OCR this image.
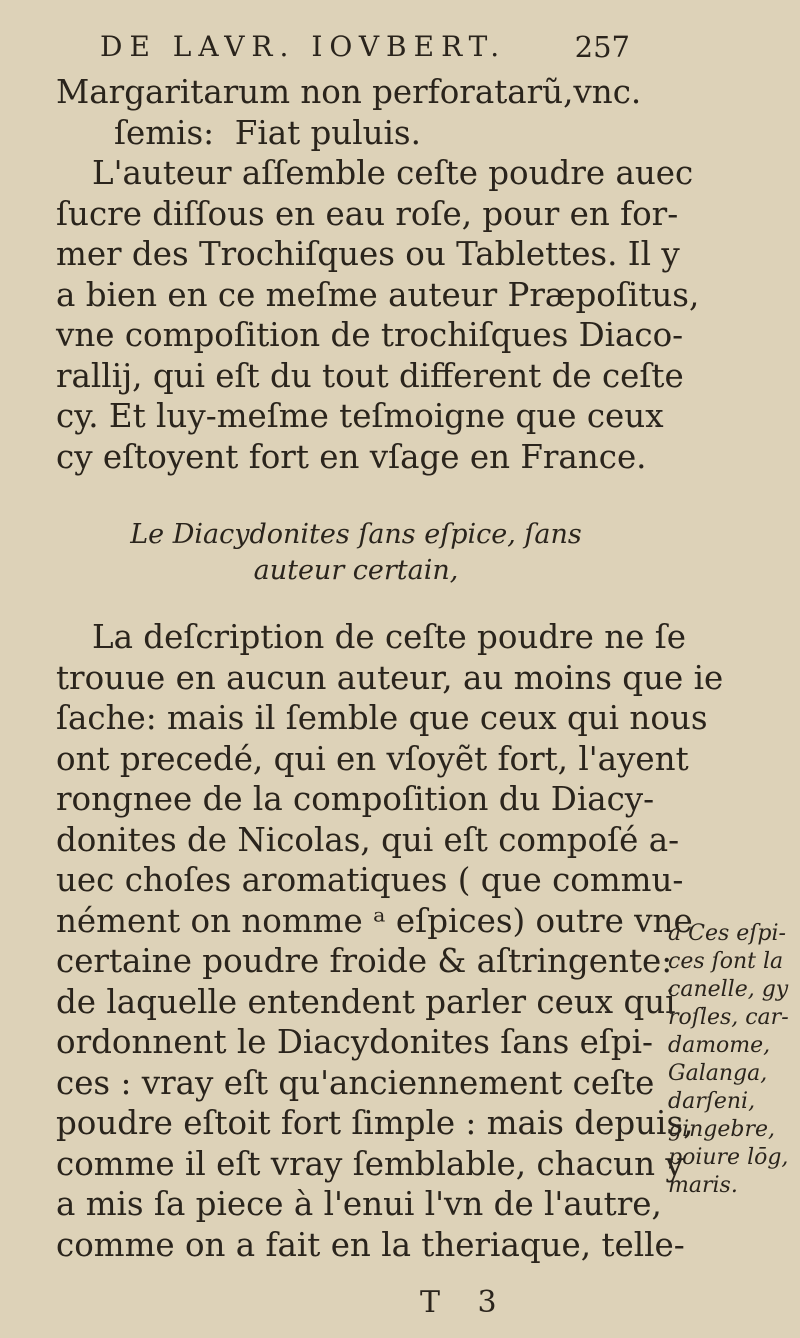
DE LAVR. IOVBERT. 257
Margaritarum non perforatarũ,vnc.
ſemis:  Fiat puluis.
L'auteur aſſemble ceſte poudre auec
ſucre diſſous en eau roſe, pour en for-
mer des Trochiſques ou Tablettes. Il y
a bien en ce meſme auteur Præpoſitus,
vne compoſition de trochiſques Diaco-
rallij, qui eſt du tout different de ceſte
cy. Et luy-meſme teſmoigne que ceux
cy eſtoyent fort en vſage en France.
Le Diacydonites ſans eſpice, ſans
auteur certain,
La deſcription de ceſte poudre ne ſe
trouue en aucun auteur, au moins que ie
ſache: mais il ſemble que ceux qui nous
ont precedé, qui en vſoyẽt fort, l'ayent
rongnee de la compoſition du Diacy-
donites de Nicolas, qui eſt compoſé a-
uec choſes aromatiques ( que commu-
nément on nomme ᵃ eſpices) outre vne
certaine poudre froide & aſtringente:
de laquelle entendent parler ceux qui
ordonnent le Diacydonites ſans eſpi-
ces : vray eſt qu'anciennement ceſte
poudre eſtoit fort ſimple : mais depuis,
comme il eſt vray ſemblable, chacun y
a mis ſa piece à l'enui l'vn de l'autre,
comme on a fait en la theriaque, telle-
a Ces eſpi-
ces ſont la
canelle, gy
roſles, car-
damome,
Galanga,
darſeni,
gingebre,
poiure lōg,
maris.
T 3
